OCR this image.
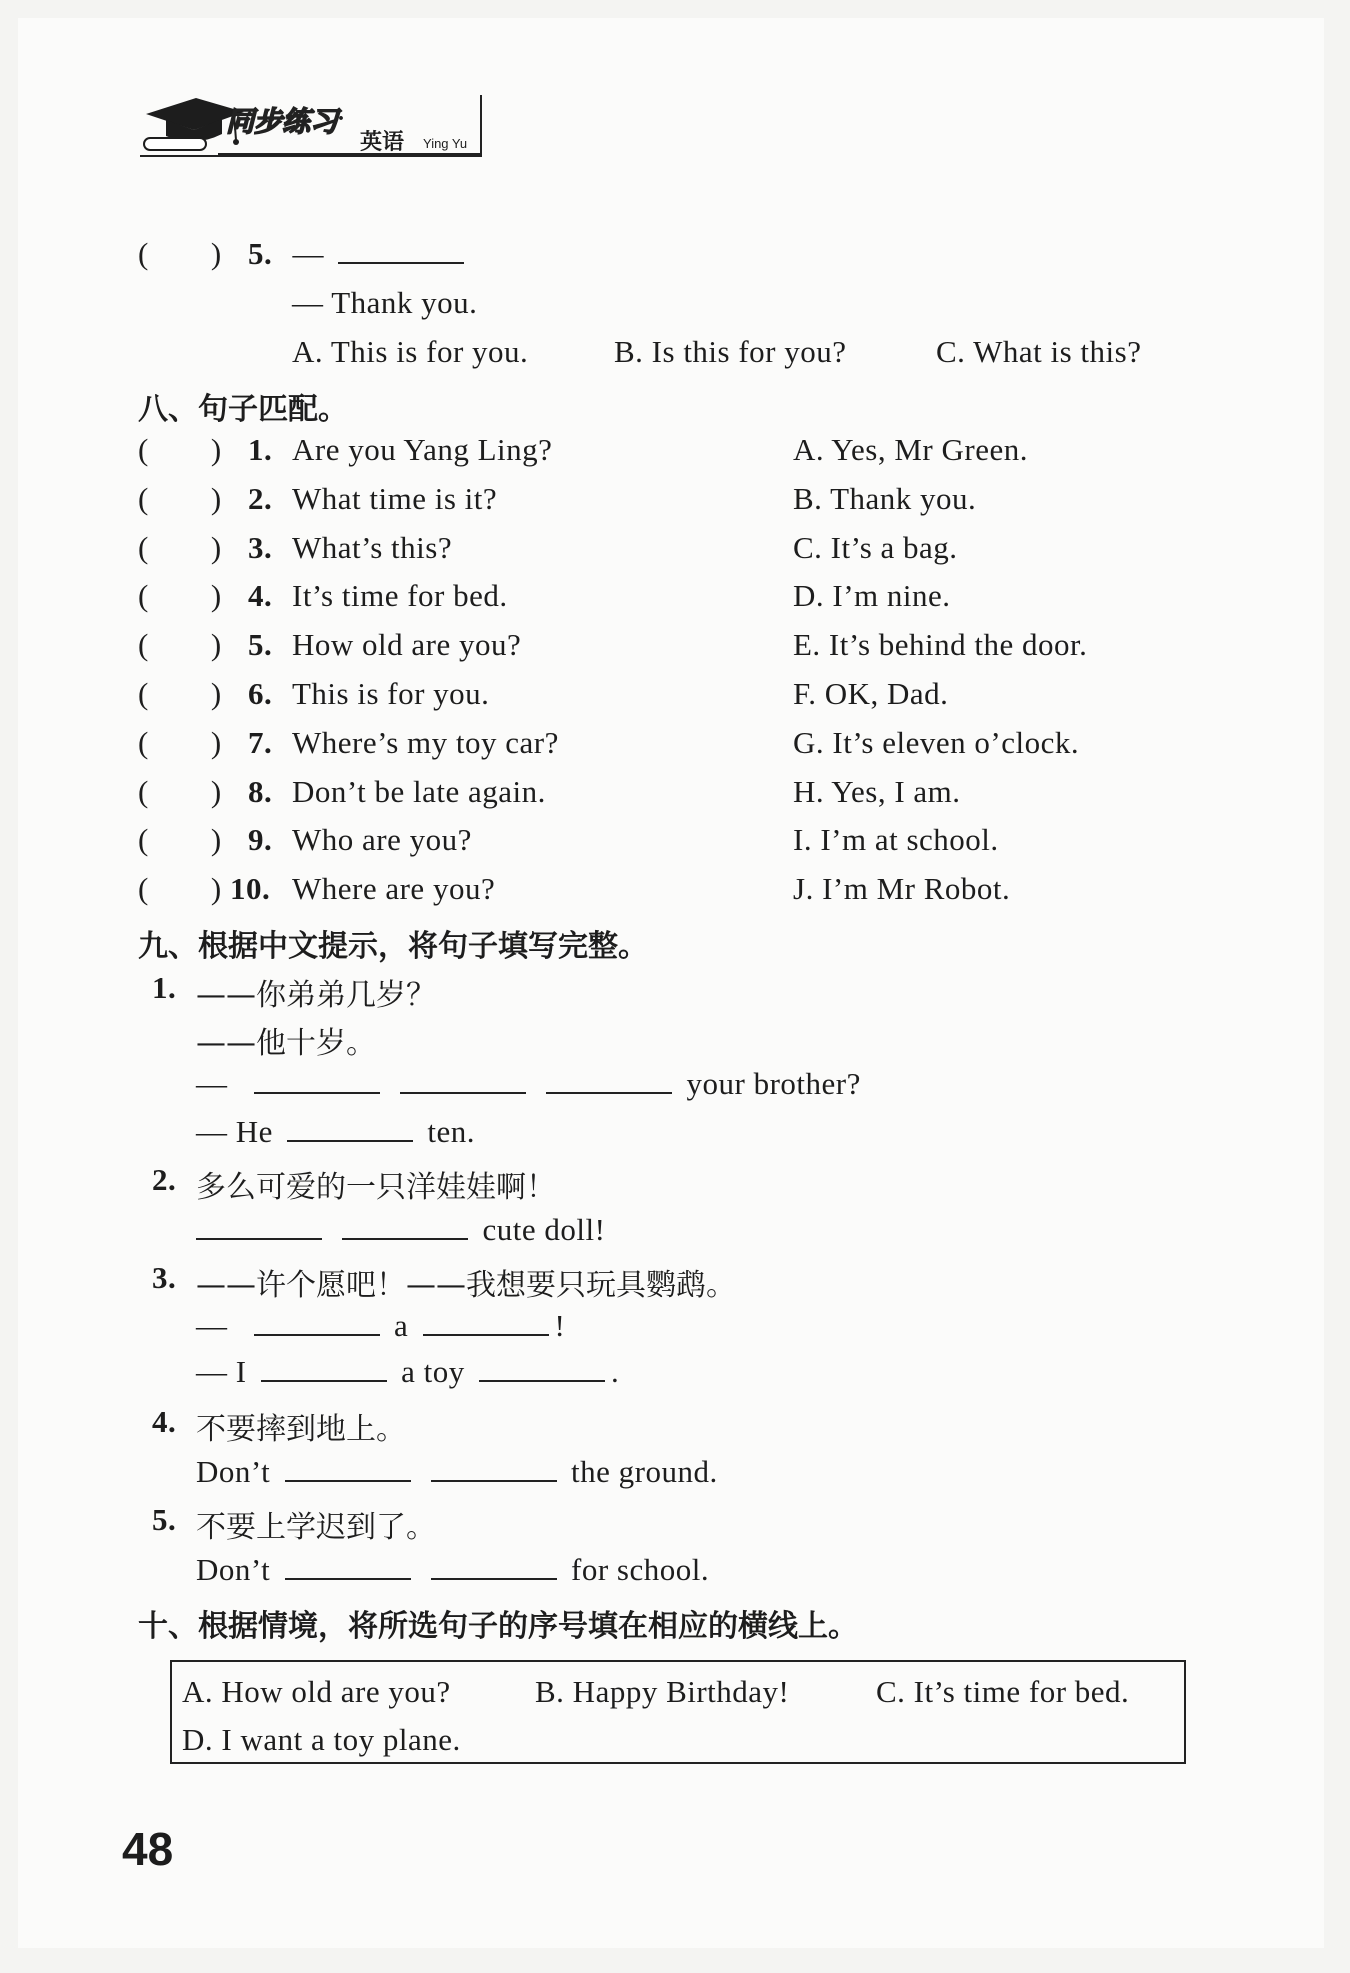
同步练习
·
英语 Ying Yu
( ) 5. —
— Thank you.
A. This is for you.	B. Is this for you?	C. What is this?
八、句子匹配。
( ) 1. Are you Yang Ling?	A. Yes, Mr Green.
( ) 2. What time is it?	B. Thank you.
( ) 3. What’s this?	C. It’s a bag.
( ) 4. It’s time for bed.	D. I’m nine.
( ) 5. How old are you?	E. It’s behind the door.
( ) 6. This is for you.	F. OK, Dad.
( ) 7. Where’s my toy car?	G. It’s eleven o’clock.
( ) 8. Don’t be late again.	H. Yes, I am.
( ) 9. Who are you?	I. I’m at school.
( ) 10. Where are you?	J. I’m Mr Robot.
九、根据中文提示，将句子填写完整。
1. ——你弟弟几岁？
——他十岁。
—	your brother?
— He	ten.
2. 多么可爱的一只洋娃娃啊！
cute doll!
3. ——许个愿吧！——我想要只玩具鹦鹉。
—	a	!
— I	a toy	.
4. 不要摔到地上。
Don’t	the ground.
5. 不要上学迟到了。
Don’t	for school.
十、根据情境，将所选句子的序号填在相应的横线上。
A. How old are you?	B. Happy Birthday!	C. It’s time for bed.
D. I want a toy plane.
48
